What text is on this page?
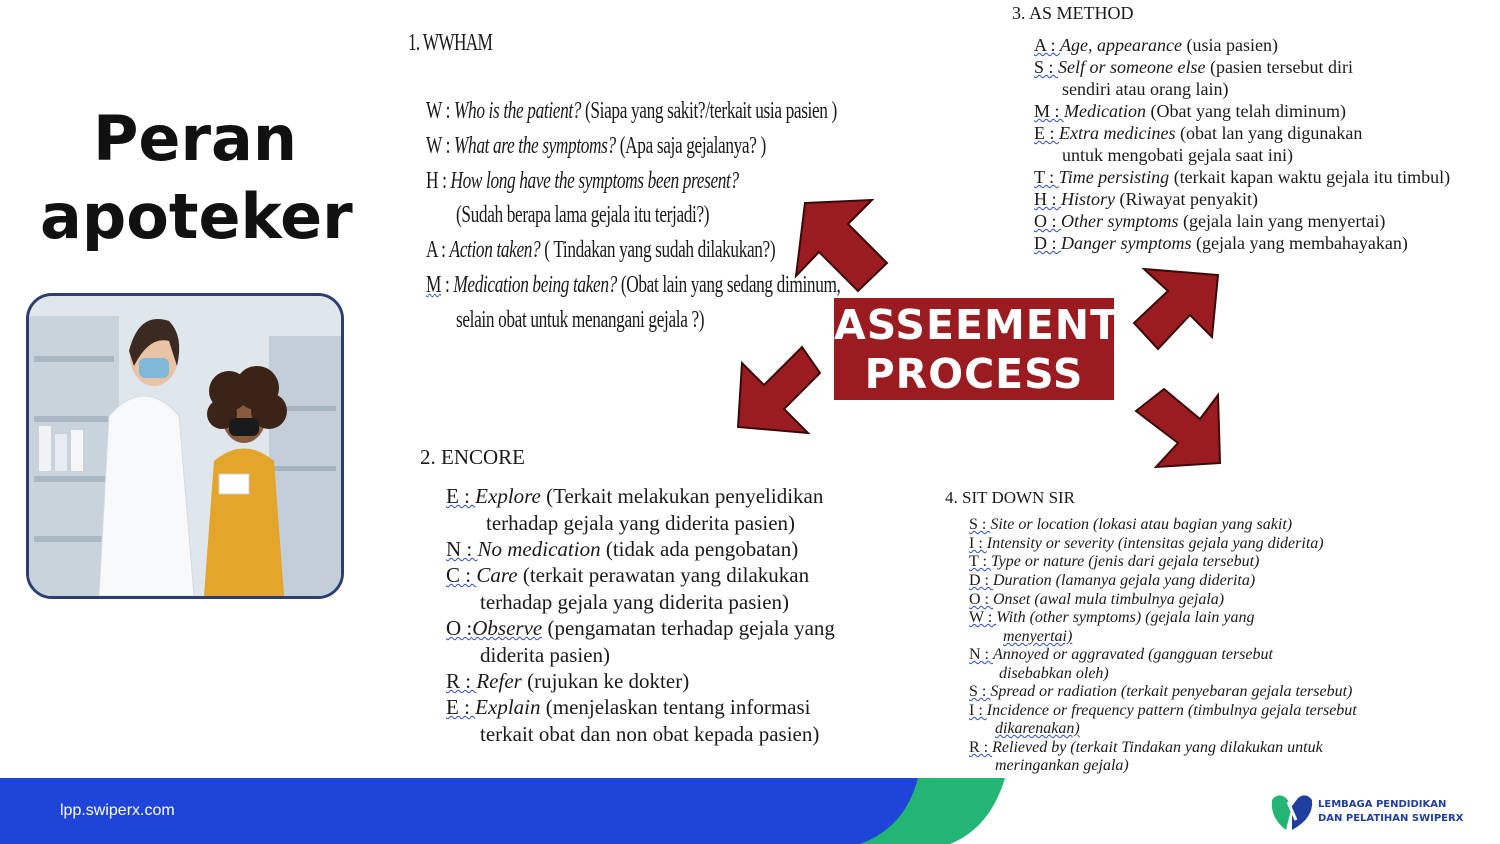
Peran
apoteker
1. WWHAM
W : Who is the patient? (Siapa yang sakit?/terkait usia pasien )
W : What are the symptoms? (Apa saja gejalanya? )
H : How long have the symptoms been present?
(Sudah berapa lama gejala itu terjadi?)
A : Action taken? ( Tindakan yang sudah dilakukan?)
M : Medication being taken? (Obat lain yang sedang diminum,
selain obat untuk menangani gejala ?)
3. AS METHOD
A : Age, appearance (usia pasien)
S : Self or someone else (pasien tersebut diri
sendiri atau orang lain)
M : Medication (Obat yang telah diminum)
E : Extra medicines (obat lan yang digunakan
untuk mengobati gejala saat ini)
T : Time persisting (terkait kapan waktu gejala itu timbul)
H : History (Riwayat penyakit)
O : Other symptoms (gejala lain yang menyertai)
D : Danger symptoms (gejala yang membahayakan)
ASSEEMENT
PROCESS
2. ENCORE
E : Explore (Terkait melakukan penyelidikan
terhadap gejala yang diderita pasien)
N : No medication (tidak ada pengobatan)
C : Care (terkait perawatan yang dilakukan
terhadap gejala yang diderita pasien)
O :Observe (pengamatan terhadap gejala yang
diderita pasien)
R : Refer (rujukan ke dokter)
E : Explain (menjelaskan tentang informasi
terkait obat dan non obat kepada pasien)
4. SIT DOWN SIR
S : Site or location (lokasi atau bagian yang sakit)
I : Intensity or severity (intensitas gejala yang diderita)
T : Type or nature (jenis dari gejala tersebut)
D : Duration (lamanya gejala yang diderita)
O : Onset (awal mula timbulnya gejala)
W : With (other symptoms) (gejala lain yang
menyertai)
N : Annoyed or aggravated (gangguan tersebut
disebabkan oleh)
S : Spread or radiation (terkait penyebaran gejala tersebut)
I : Incidence or frequency pattern (timbulnya gejala tersebut
dikarenakan)
R : Relieved by (terkait Tindakan yang dilakukan untuk
meringankan gejala)
lpp.swiperx.com	LEMBAGA PENDIDIKAN
DAN PELATIHAN SWIPERX
